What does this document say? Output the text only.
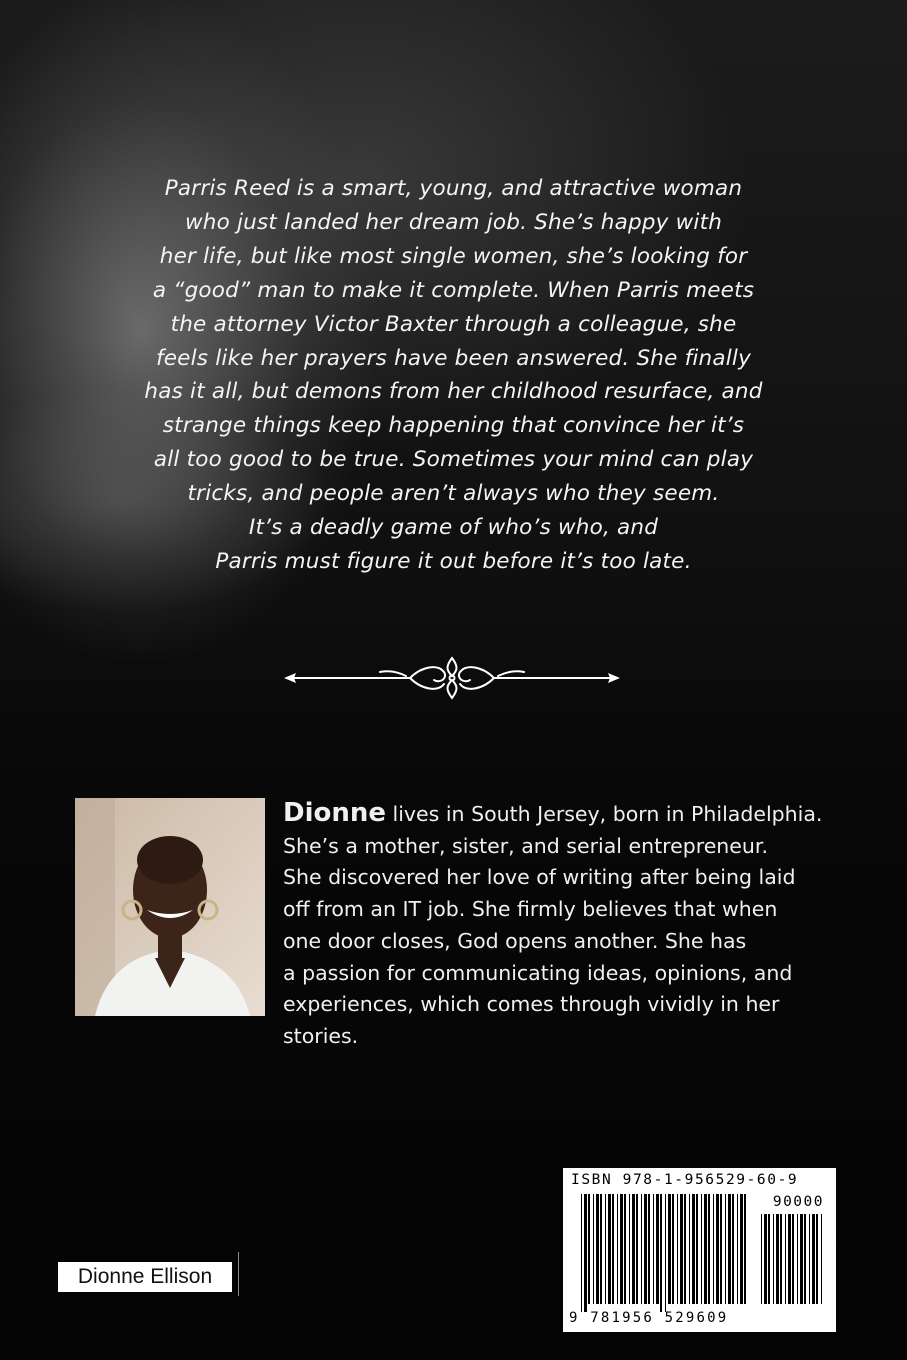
Parris Reed is a smart, young, and attractive woman
who just landed her dream job. She’s happy with
her life, but like most single women, she’s looking for
a “good” man to make it complete. When Parris meets
the attorney Victor Baxter through a colleague, she
feels like her prayers have been answered. She finally
has it all, but demons from her childhood resurface, and
strange things keep happening that convince her it’s
all too good to be true. Sometimes your mind can play
tricks, and people aren’t always who they seem.
It’s a deadly game of who’s who, and
Parris must figure it out before it’s too late.

Dionne lives in South Jersey, born in Philadelphia.
She’s a mother, sister, and serial entrepreneur.
She discovered her love of writing after being laid
off from an IT job. She firmly believes that when
one door closes, God opens another. She has
a passion for communicating ideas, opinions, and
experiences, which comes through vividly in her
stories.

Dionne Ellison
ISBN 978-1-956529-60-9
90000
9 781956 529609
